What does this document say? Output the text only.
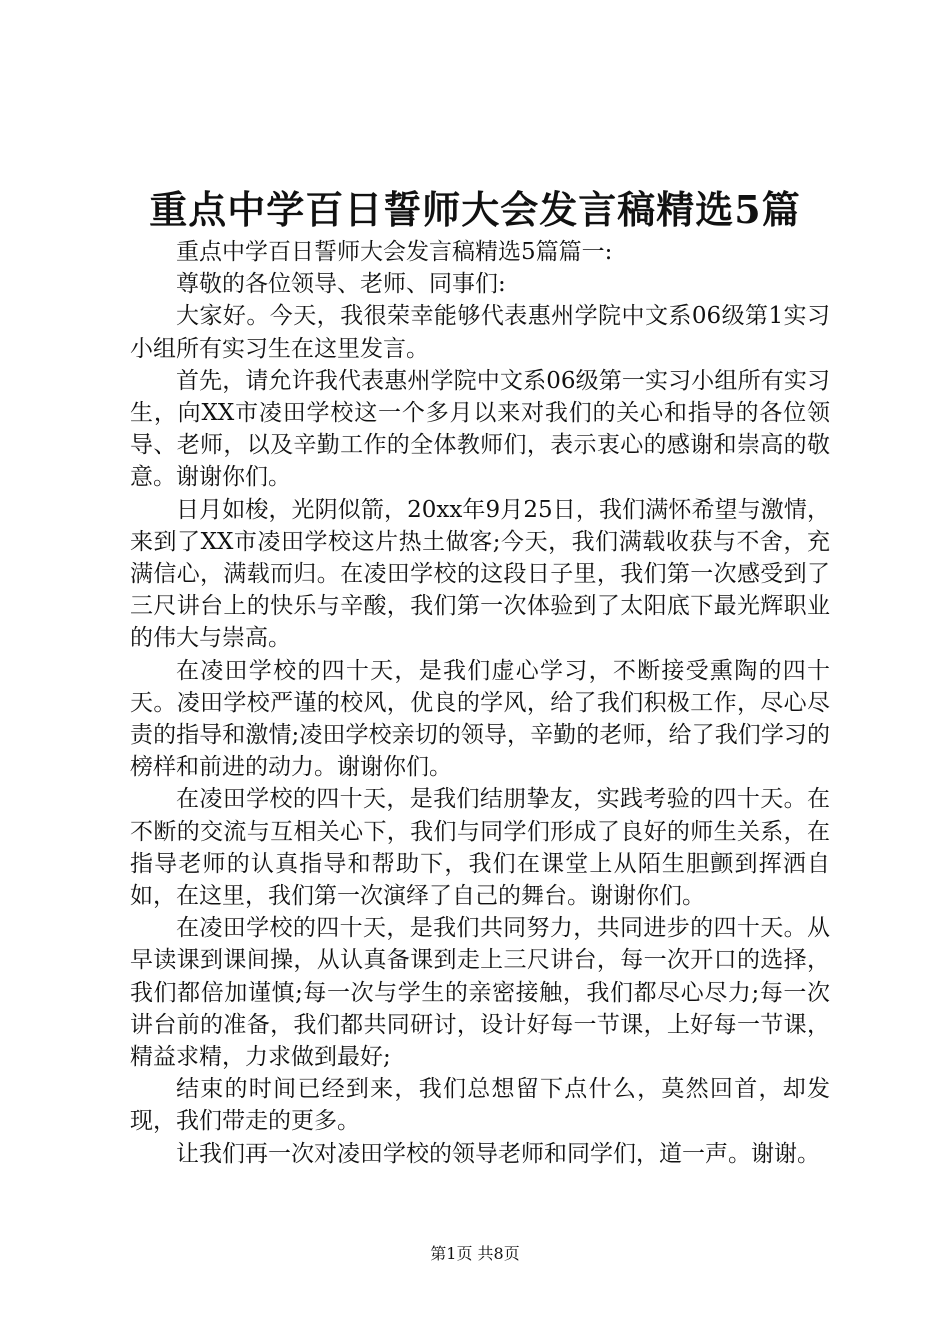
重点中学百日誓师大会发言稿精选5篇

重点中学百日誓师大会发言稿精选5篇篇一:

尊敬的各位领导、老师、同事们:

大家好。今天，我很荣幸能够代表惠州学院中文系06级第1实习小组所有实习生在这里发言。

首先，请允许我代表惠州学院中文系06级第一实习小组所有实习生，向XX市凌田学校这一个多月以来对我们的关心和指导的各位领导、老师，以及辛勤工作的全体教师们，表示衷心的感谢和崇高的敬意。谢谢你们。

日月如梭，光阴似箭，20xx年9月25日，我们满怀希望与激情，来到了XX市凌田学校这片热土做客;今天，我们满载收获与不舍，充满信心，满载而归。在凌田学校的这段日子里，我们第一次感受到了三尺讲台上的快乐与辛酸，我们第一次体验到了太阳底下最光辉职业的伟大与崇高。

在凌田学校的四十天，是我们虚心学习，不断接受熏陶的四十天。凌田学校严谨的校风，优良的学风，给了我们积极工作，尽心尽责的指导和激情;凌田学校亲切的领导，辛勤的老师，给了我们学习的榜样和前进的动力。谢谢你们。

在凌田学校的四十天，是我们结朋挚友，实践考验的四十天。在不断的交流与互相关心下，我们与同学们形成了良好的师生关系，在指导老师的认真指导和帮助下，我们在课堂上从陌生胆颤到挥洒自如，在这里，我们第一次演绎了自己的舞台。谢谢你们。

在凌田学校的四十天，是我们共同努力，共同进步的四十天。从早读课到课间操，从认真备课到走上三尺讲台，每一次开口的选择，我们都倍加谨慎;每一次与学生的亲密接触，我们都尽心尽力;每一次讲台前的准备，我们都共同研讨，设计好每一节课，上好每一节课，精益求精，力求做到最好;

结束的时间已经到来，我们总想留下点什么，莫然回首，却发现，我们带走的更多。

让我们再一次对凌田学校的领导老师和同学们，道一声。谢谢。

第1页 共8页
